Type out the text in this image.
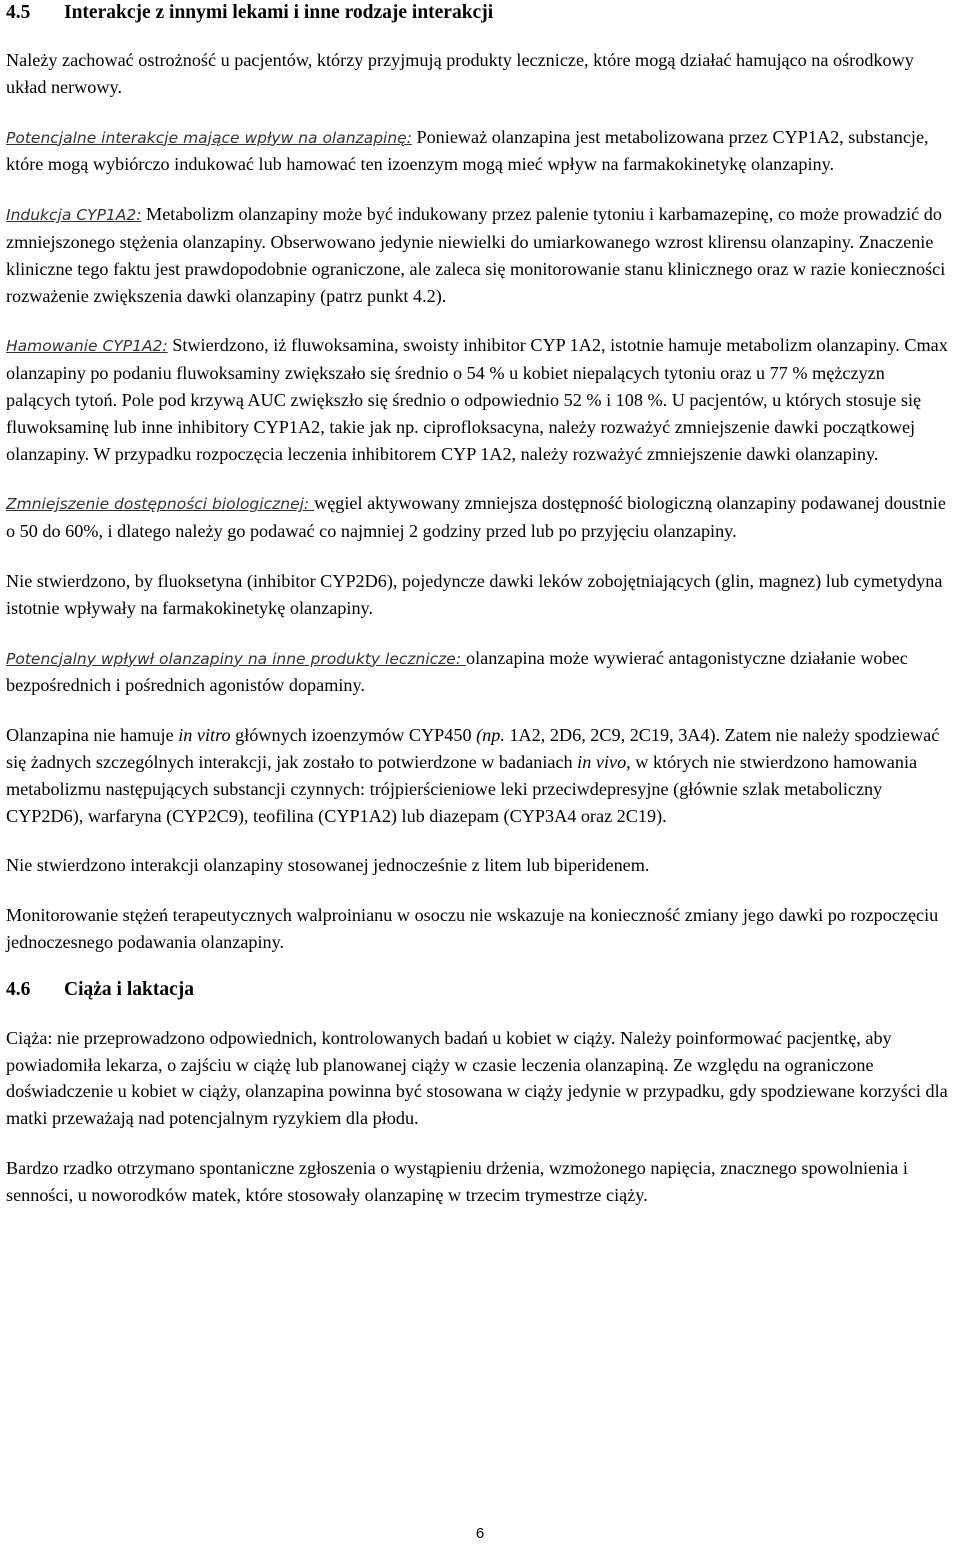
4.5	Interakcje z innymi lekami i inne rodzaje interakcji

Należy zachować ostrożność u pacjentów, którzy przyjmują produkty lecznicze, które mogą działać hamująco na ośrodkowy układ nerwowy.

Potencjalne interakcje mające wpływ na olanzapinę: Ponieważ olanzapina jest metabolizowana przez CYP1A2, substancje, które mogą wybiórczo indukować lub hamować ten izoenzym mogą mieć wpływ na farmakokinetykę olanzapiny.

Indukcja CYP1A2: Metabolizm olanzapiny może być indukowany przez palenie tytoniu i karbamazepinę, co może prowadzić do zmniejszonego stężenia olanzapiny. Obserwowano jedynie niewielki do umiarkowanego wzrost klirensu olanzapiny. Znaczenie kliniczne tego faktu jest prawdopodobnie ograniczone, ale zaleca się monitorowanie stanu klinicznego oraz w razie konieczności rozważenie zwiększenia dawki olanzapiny (patrz punkt 4.2).

Hamowanie CYP1A2: Stwierdzono, iż fluwoksamina, swoisty inhibitor CYP 1A2, istotnie hamuje metabolizm olanzapiny. Cmax olanzapiny po podaniu fluwoksaminy zwiększało się średnio o 54 % u kobiet niepalących tytoniu oraz u 77 % mężczyzn palących tytoń. Pole pod krzywą AUC zwiększło się średnio o odpowiednio 52 % i 108 %. U pacjentów, u których stosuje się fluwoksaminę lub inne inhibitory CYP1A2, takie jak np. ciprofloksacyna, należy rozważyć zmniejszenie dawki początkowej olanzapiny. W przypadku rozpoczęcia leczenia inhibitorem CYP 1A2, należy rozważyć zmniejszenie dawki olanzapiny.

Zmniejszenie dostępności biologicznej: węgiel aktywowany zmniejsza dostępność biologiczną olanzapiny podawanej doustnie o 50 do 60%, i dlatego należy go podawać co najmniej 2 godziny przed lub po przyjęciu olanzapiny.

Nie stwierdzono, by fluoksetyna (inhibitor CYP2D6), pojedyncze dawki leków zobojętniających (glin, magnez) lub cymetydyna istotnie wpływały na farmakokinetykę olanzapiny.

Potencjalny wpływł olanzapiny na inne produkty lecznicze: olanzapina może wywierać antagonistyczne działanie wobec bezpośrednich i pośrednich agonistów dopaminy.

Olanzapina nie hamuje in vitro głównych izoenzymów CYP450 (np. 1A2, 2D6, 2C9, 2C19, 3A4). Zatem nie należy spodziewać się żadnych szczególnych interakcji, jak zostało to potwierdzone w badaniach in vivo, w których nie stwierdzono hamowania metabolizmu następujących substancji czynnych: trójpierścieniowe leki przeciwdepresyjne (głównie szlak metaboliczny CYP2D6), warfaryna (CYP2C9), teofilina (CYP1A2) lub diazepam (CYP3A4 oraz 2C19).

Nie stwierdzono interakcji olanzapiny stosowanej jednocześnie z litem lub biperidenem.

Monitorowanie stężeń terapeutycznych walproinianu w osoczu nie wskazuje na konieczność zmiany jego dawki po rozpoczęciu jednoczesnego podawania olanzapiny.

4.6	Ciąża i laktacja

Ciąża: nie przeprowadzono odpowiednich, kontrolowanych badań u kobiet w ciąży. Należy poinformować pacjentkę, aby powiadomiła lekarza, o zajściu w ciążę lub planowanej ciąży w czasie leczenia olanzapiną. Ze względu na ograniczone doświadczenie u kobiet w ciąży, olanzapina powinna być stosowana w ciąży jedynie w przypadku, gdy spodziewane korzyści dla matki przeważają nad potencjalnym ryzykiem dla płodu.

Bardzo rzadko otrzymano spontaniczne zgłoszenia o wystąpieniu drżenia, wzmożonego napięcia, znacznego spowolnienia i senności, u noworodków matek, które stosowały olanzapinę w trzecim trymestrze ciąży.

6
